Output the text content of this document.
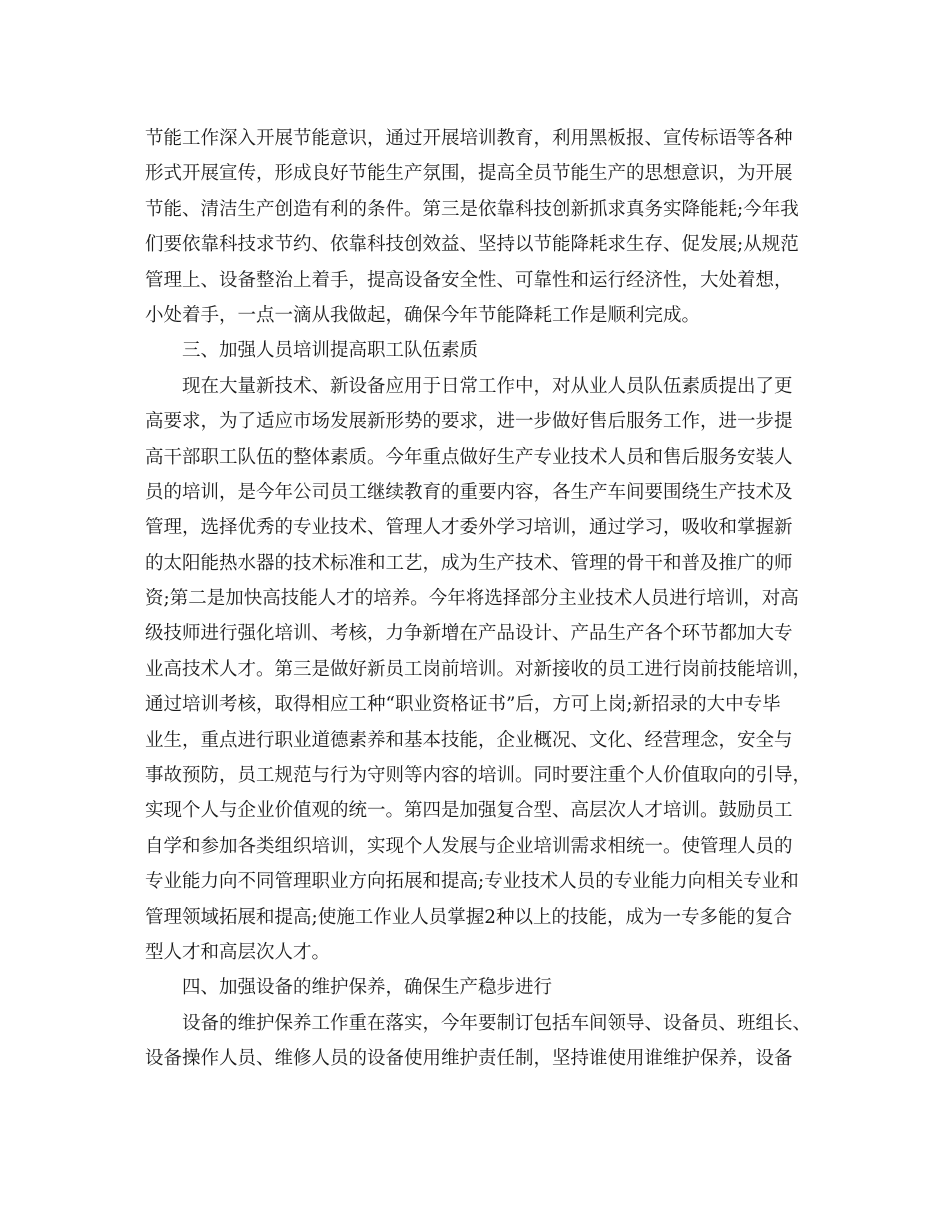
节能工作深入开展节能意识，通过开展培训教育，利用黑板报、宣传标语等各种
形式开展宣传，形成良好节能生产氛围，提高全员节能生产的思想意识，为开展
节能、清洁生产创造有利的条件。第三是依靠科技创新抓求真务实降能耗;今年我
们要依靠科技求节约、依靠科技创效益、坚持以节能降耗求生存、促发展;从规范
管理上、设备整治上着手，提高设备安全性、可靠性和运行经济性，大处着想，
小处着手，一点一滴从我做起，确保今年节能降耗工作是顺利完成。
三、加强人员培训提高职工队伍素质
现在大量新技术、新设备应用于日常工作中，对从业人员队伍素质提出了更
高要求，为了适应市场发展新形势的要求，进一步做好售后服务工作，进一步提
高干部职工队伍的整体素质。今年重点做好生产专业技术人员和售后服务安装人
员的培训，是今年公司员工继续教育的重要内容，各生产车间要围绕生产技术及
管理，选择优秀的专业技术、管理人才委外学习培训，通过学习，吸收和掌握新
的太阳能热水器的技术标准和工艺，成为生产技术、管理的骨干和普及推广的师
资;第二是加快高技能人才的培养。今年将选择部分主业技术人员进行培训，对高
级技师进行强化培训、考核，力争新增在产品设计、产品生产各个环节都加大专
业高技术人才。第三是做好新员工岗前培训。对新接收的员工进行岗前技能培训，
通过培训考核，取得相应工种“职业资格证书”后，方可上岗;新招录的大中专毕
业生，重点进行职业道德素养和基本技能，企业概况、文化、经营理念，安全与
事故预防，员工规范与行为守则等内容的培训。同时要注重个人价值取向的引导，
实现个人与企业价值观的统一。第四是加强复合型、高层次人才培训。鼓励员工
自学和参加各类组织培训，实现个人发展与企业培训需求相统一。使管理人员的
专业能力向不同管理职业方向拓展和提高;专业技术人员的专业能力向相关专业和
管理领域拓展和提高;使施工作业人员掌握2种以上的技能，成为一专多能的复合
型人才和高层次人才。
四、加强设备的维护保养，确保生产稳步进行
设备的维护保养工作重在落实，今年要制订包括车间领导、设备员、班组长、
设备操作人员、维修人员的设备使用维护责任制，坚持谁使用谁维护保养，设备
